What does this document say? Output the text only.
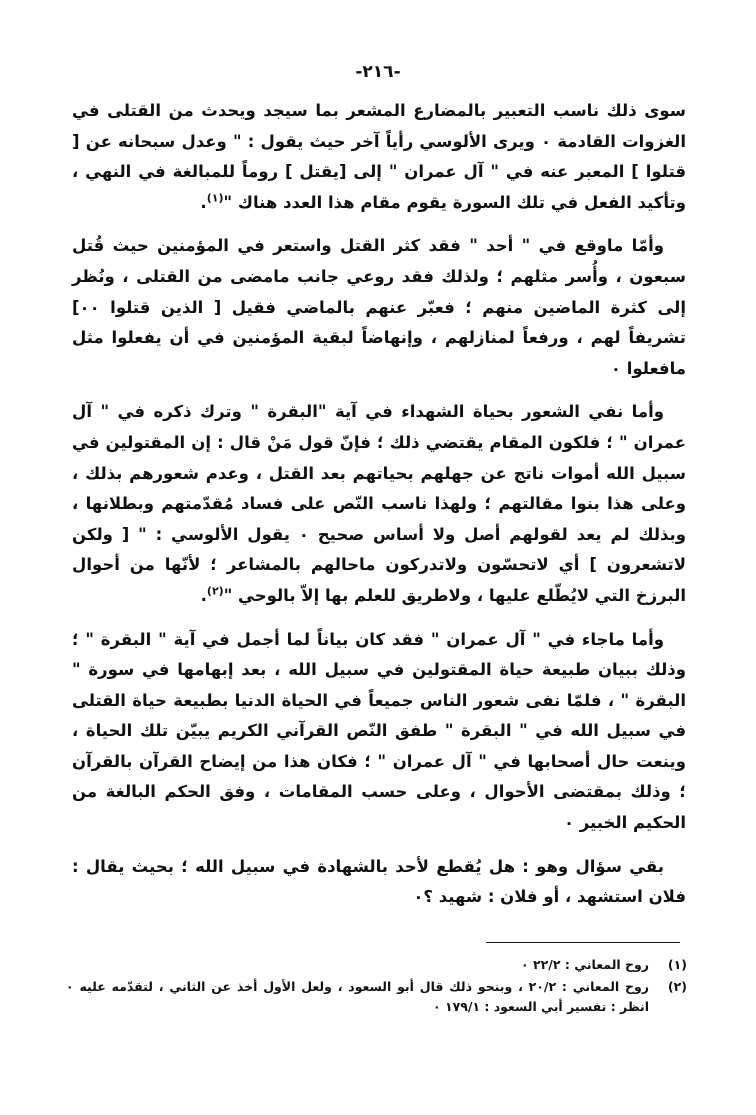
-٢١٦-

سوى ذلك ناسب التعبير بالمضارع المشعر بما سيجد ويحدث من القتلى في الغزوات القادمة ٠ ويرى الألوسي رأياً آخر حيث يقول : " وعدل سبحانه عن [ قتلوا ] المعبر عنه في " آل عمران " إلى [يقتل ] روماً للمبالغة في النهي ، وتأكيد الفعل في تلك السورة يقوم مقام هذا العدد هناك "$^{(١)}$.

وأمّا ماوقع في " أحد " فقد كثر القتل واستعر في المؤمنين حيث قُتل سبعون ، وأُسر مثلهم ؛ ولذلك فقد روعي جانب مامضى من القتلى ، ونُظر إلى كثرة الماضين منهم ؛ فعبّر عنهم بالماضي فقيل [ الذين قتلوا ٠٠] تشريفاً لهم ، ورفعاً لمنازلهم ، وإنهاضاً لبقية المؤمنين في أن يفعلوا مثل مافعلوا ٠

وأما نفي الشعور بحياة الشهداء في آية "البقرة " وترك ذكره في " آل عمران " ؛ فلكون المقام يقتضي ذلك ؛ فإنّ قول مَنْ قال : إن المقتولين في سبيل الله أموات ناتج عن جهلهم بحياتهم بعد القتل ، وعدم شعورهم بذلك ، وعلى هذا بنوا مقالتهم ؛ ولهذا ناسب النّص على فساد مُقدّمتهم وبطلانها ، وبذلك لم يعد لقولهم أصل ولا أساس صحيح ٠ يقول الألوسي : " [ ولكن لاتشعرون ] أي لاتحسّون ولاتدركون ماحالهم بالمشاعر ؛ لأنّها من أحوال البرزخ التي لايُطّلع عليها ، ولاطريق للعلم بها إلاّ بالوحي "$^{(٢)}$.

وأما ماجاء في " آل عمران " فقد كان بياناً لما أجمل في آية " البقرة " ؛ وذلك ببيان طبيعة حياة المقتولين في سبيل الله ، بعد إبهامها في سورة " البقرة " ، فلمّا نفى شعور الناس جميعاً في الحياة الدنيا بطبيعة حياة القتلى في سبيل الله في " البقرة " طفق النّص القرآني الكريم يبيّن تلك الحياة ، وينعت حال أصحابها في " آل عمران " ؛ فكان هذا من إيضاح القرآن بالقرآن ؛ وذلك بمقتضى الأحوال ، وعلى حسب المقامات ، وفق الحكم البالغة من الحكيم الخبير ٠

بقي سؤال وهو : هل يُقطع لأحد بالشهادة في سبيل الله ؛ بحيث يقال : فلان استشهد ، أو فلان : شهيد ؟٠

(١)
روح المعاني : ٢٢/٢ ٠
(٢)
روح المعاني : ٢٠/٢ ، وبنحو ذلك قال أبو السعود ، ولعل الأول أخذ عن الثاني ، لتقدّمه عليه ٠ انظر : تفسير أبي السعود : ١٧٩/١ ٠
